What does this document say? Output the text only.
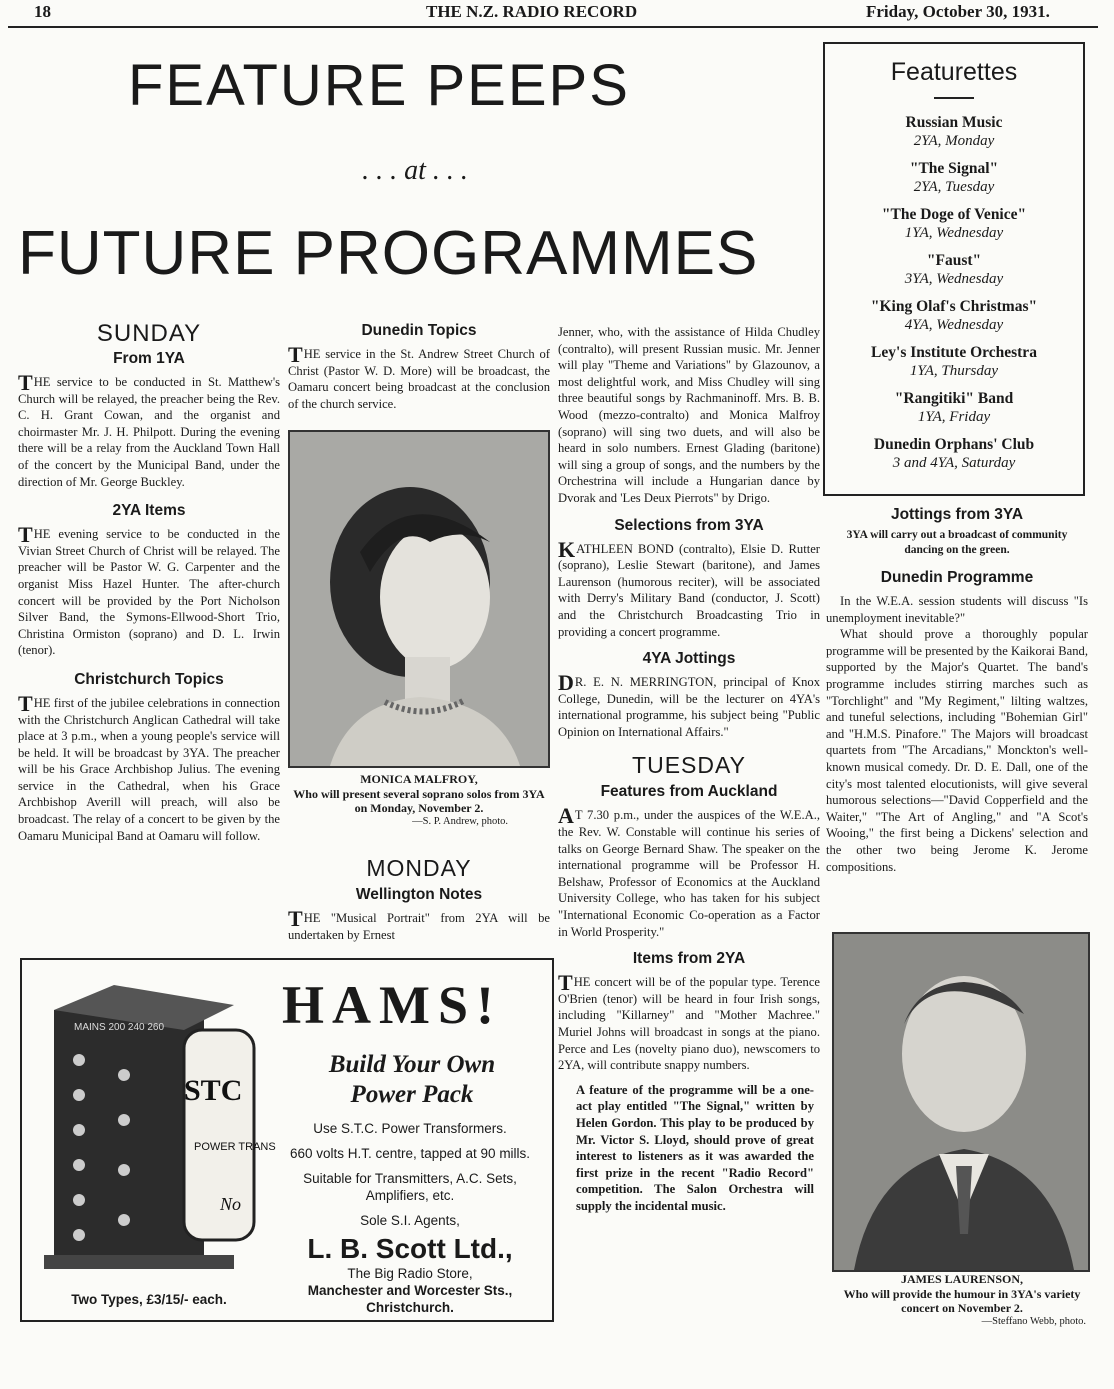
18	THE N.Z. RADIO RECORD	Friday, October 30, 1931.
FEATURE PEEPS
. . . at . . .
FUTURE PROGRAMMES
SUNDAY
From 1YA

THE service to be conducted in St. Matthew's Church will be relayed, the preacher being the Rev. C. H. Grant Cowan, and the organist and choirmaster Mr. J. H. Philpott. During the evening there will be a relay from the Auckland Town Hall of the concert by the Municipal Band, under the direction of Mr. George Buckley.

2YA Items

THE evening service to be conducted in the Vivian Street Church of Christ will be relayed. The preacher will be Pastor W. G. Carpenter and the organist Miss Hazel Hunter. The after-church concert will be provided by the Port Nicholson Silver Band, the Symons-Ellwood-Short Trio, Christina Ormiston (soprano) and D. L. Irwin (tenor).

Christchurch Topics

THE first of the jubilee celebrations in connection with the Christchurch Anglican Cathedral will take place at 3 p.m., when a young people's service will be held. It will be broadcast by 3YA. The preacher will be his Grace Archbishop Julius. The evening service in the Cathedral, when his Grace Archbishop Averill will preach, will also be broadcast. The relay of a concert to be given by the Oamaru Municipal Band at Oamaru will follow.

Dunedin Topics

THE service in the St. Andrew Street Church of Christ (Pastor W. D. More) will be broadcast, the Oamaru concert being broadcast at the conclusion of the church service.

MONICA MALFROY,
Who will present several soprano solos from 3YA on Monday, November 2.
—S. P. Andrew, photo.
MONDAY
Wellington Notes

THE "Musical Portrait" from 2YA will be undertaken by Ernest

Jenner, who, with the assistance of Hilda Chudley (contralto), will present Russian music. Mr. Jenner will play "Theme and Variations" by Glazounov, a most delightful work, and Miss Chudley will sing three beautiful songs by Rachmaninoff. Mrs. B. B. Wood (mezzo-contralto) and Monica Malfroy (soprano) will sing two duets, and will also be heard in solo numbers. Ernest Glading (baritone) will sing a group of songs, and the numbers by the Orchestrina will include a Hungarian dance by Dvorak and 'Les Deux Pierrots" by Drigo.

Selections from 3YA

KATHLEEN BOND (contralto), Elsie D. Rutter (soprano), Leslie Stewart (baritone), and James Laurenson (humorous reciter), will be associated with Derry's Military Band (conductor, J. Scott) and the Christchurch Broadcasting Trio in providing a concert programme.

4YA Jottings

DR. E. N. MERRINGTON, principal of Knox College, Dunedin, will be the lecturer on 4YA's international programme, his subject being "Public Opinion on International Affairs."

TUESDAY
Features from Auckland

AT 7.30 p.m., under the auspices of the W.E.A., the Rev. W. Constable will continue his series of talks on George Bernard Shaw. The speaker on the international programme will be Professor H. Belshaw, Professor of Economics at the Auckland University College, who has taken for his subject "International Economic Co-operation as a Factor in World Prosperity."

Items from 2YA

THE concert will be of the popular type. Terence O'Brien (tenor) will be heard in four Irish songs, including "Killarney" and "Mother Machree." Muriel Johns will broadcast in songs at the piano. Perce and Les (novelty piano duo), newscomers to 2YA, will contribute snappy numbers.

A feature of the programme will be a one-act play entitled "The Signal," written by Helen Gordon. This play to be produced by Mr. Victor S. Lloyd, should prove of great interest to listeners as it was awarded the first prize in the recent "Radio Record" competition. The Salon Orchestra will supply the incidental music.

Featurettes
Russian Music
2YA, Monday
"The Signal"
2YA, Tuesday
"The Doge of Venice"
1YA, Wednesday
"Faust"
3YA, Wednesday
"King Olaf's Christmas"
4YA, Wednesday
Ley's Institute Orchestra
1YA, Thursday
"Rangitiki" Band
1YA, Friday
Dunedin Orphans' Club
3 and 4YA, Saturday
Jottings from 3YA
3YA will carry out a broadcast of community dancing on the green.
Dunedin Programme

In the W.E.A. session students will discuss "Is unemployment inevitable?"

What should prove a thoroughly popular programme will be presented by the Kaikorai Band, supported by the Major's Quartet. The band's programme includes stirring marches such as "Torchlight" and "My Regiment," lilting waltzes, and tuneful selections, including "Bohemian Girl" and "H.M.S. Pinafore." The Majors will broadcast quartets from "The Arcadians," Monckton's well-known musical comedy. Dr. D. E. Dall, one of the city's most talented elocutionists, will give several humorous selections—"David Copperfield and the Waiter," "The Art of Angling," and "A Scot's Wooing," the first being a Dickens' selection and the other two being Jerome K. Jerome compositions.

JAMES LAURENSON,
Who will provide the humour in 3YA's variety concert on November 2.
—Steffano Webb, photo.
STC
POWER TRANS
No
MAINS 200 240 260
Two Types, £3/15/- each.
HAMS!
Build Your Own
Power Pack
Use S.T.C. Power Transformers.
660 volts H.T. centre, tapped at 90 mills.
Suitable for Transmitters, A.C. Sets, Amplifiers, etc.
Sole S.I. Agents,
L. B. Scott Ltd.,
The Big Radio Store,
Manchester and Worcester Sts.,
Christchurch.
